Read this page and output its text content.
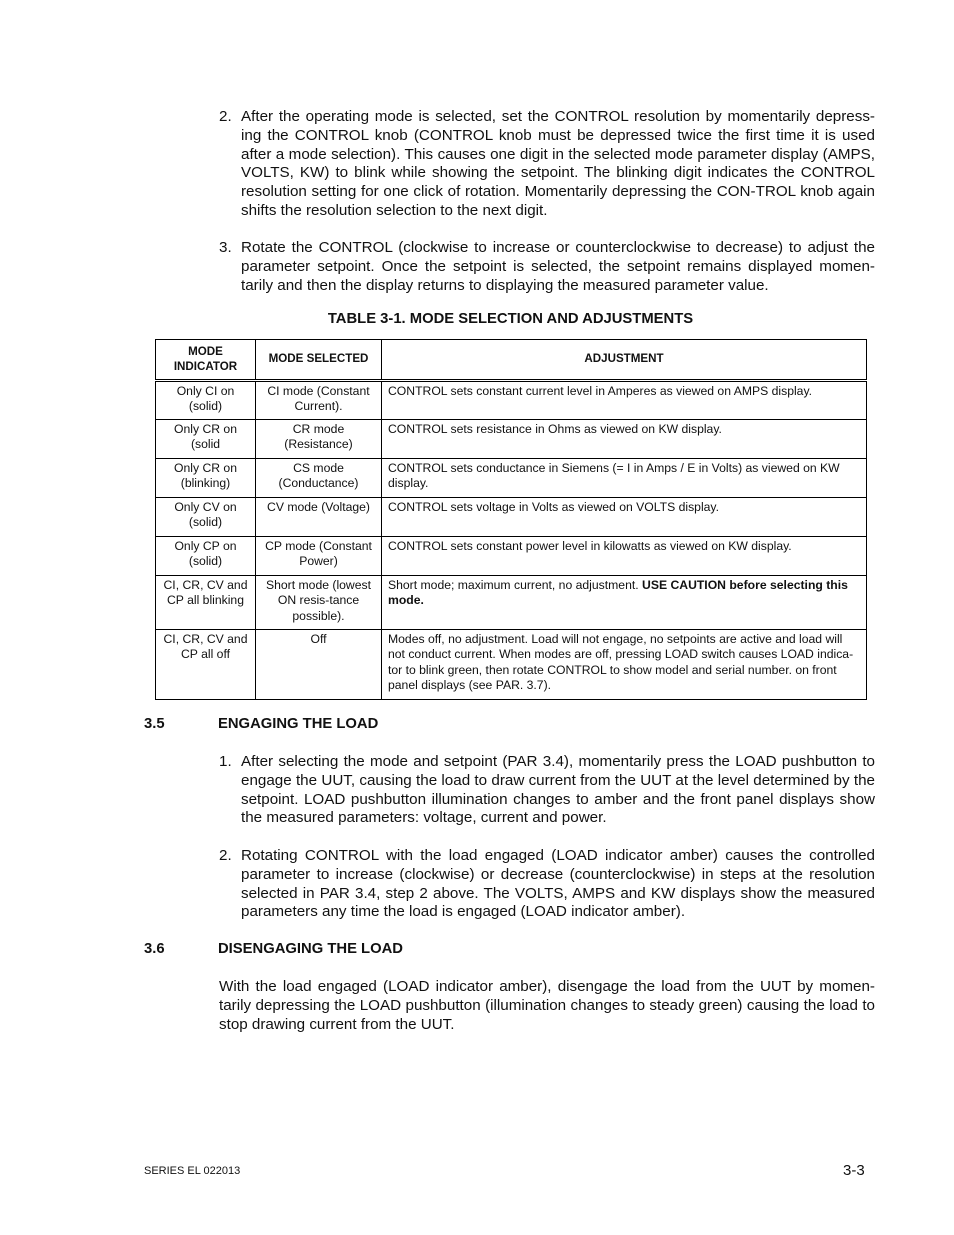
2. After the operating mode is selected, set the CONTROL resolution by momentarily depress-ing the CONTROL knob (CONTROL knob must be depressed twice the first time it is used after a mode selection). This causes one digit in the selected mode parameter display (AMPS, VOLTS, KW) to blink while showing the setpoint. The blinking digit indicates the CONTROL resolution setting for one click of rotation. Momentarily depressing the CON-TROL knob again shifts the resolution selection to the next digit.
3. Rotate the CONTROL (clockwise to increase or counterclockwise to decrease) to adjust the parameter setpoint. Once the setpoint is selected, the setpoint remains displayed momen-tarily and then the display returns to displaying the measured parameter value.
TABLE 3-1. MODE SELECTION AND ADJUSTMENTS
MODE INDICATOR	MODE SELECTED	ADJUSTMENT
Only CI on (solid)	CI mode (Constant Current).	CONTROL sets constant current level in Amperes as viewed on AMPS display.
Only CR on (solid	CR mode (Resistance)	CONTROL sets resistance in Ohms as viewed on KW display.
Only CR on (blinking)	CS mode (Conductance)	CONTROL sets conductance in Siemens (= I in Amps / E in Volts) as viewed on KW display.
Only CV on (solid)	CV mode (Voltage)	CONTROL sets voltage in Volts as viewed on VOLTS display.
Only CP on (solid)	CP mode (Constant Power)	CONTROL sets constant power level in kilowatts as viewed on KW display.
CI, CR, CV and CP all blinking	Short mode (lowest ON resis-tance possible).	Short mode; maximum current, no adjustment. USE CAUTION before selecting this mode.
CI, CR, CV and CP all off	Off	Modes off, no adjustment. Load will not engage, no setpoints are active and load will not conduct current. When modes are off, pressing LOAD switch causes LOAD indica-tor to blink green, then rotate CONTROL to show model and serial number. on front panel displays (see PAR. 3.7).
3.5	ENGAGING THE LOAD
1. After selecting the mode and setpoint (PAR 3.4), momentarily press the LOAD pushbutton to engage the UUT, causing the load to draw current from the UUT at the level determined by the setpoint. LOAD pushbutton illumination changes to amber and the front panel displays show the measured parameters: voltage, current and power.
2. Rotating CONTROL with the load engaged (LOAD indicator amber) causes the controlled parameter to increase (clockwise) or decrease (counterclockwise) in steps at the resolution selected in PAR 3.4, step 2 above. The VOLTS, AMPS and KW displays show the measured parameters any time the load is engaged (LOAD indicator amber).
3.6	DISENGAGING THE LOAD
With the load engaged (LOAD indicator amber), disengage the load from the UUT by momen-tarily depressing the LOAD pushbutton (illumination changes to steady green) causing the load to stop drawing current from the UUT.
SERIES EL 022013	3-3
